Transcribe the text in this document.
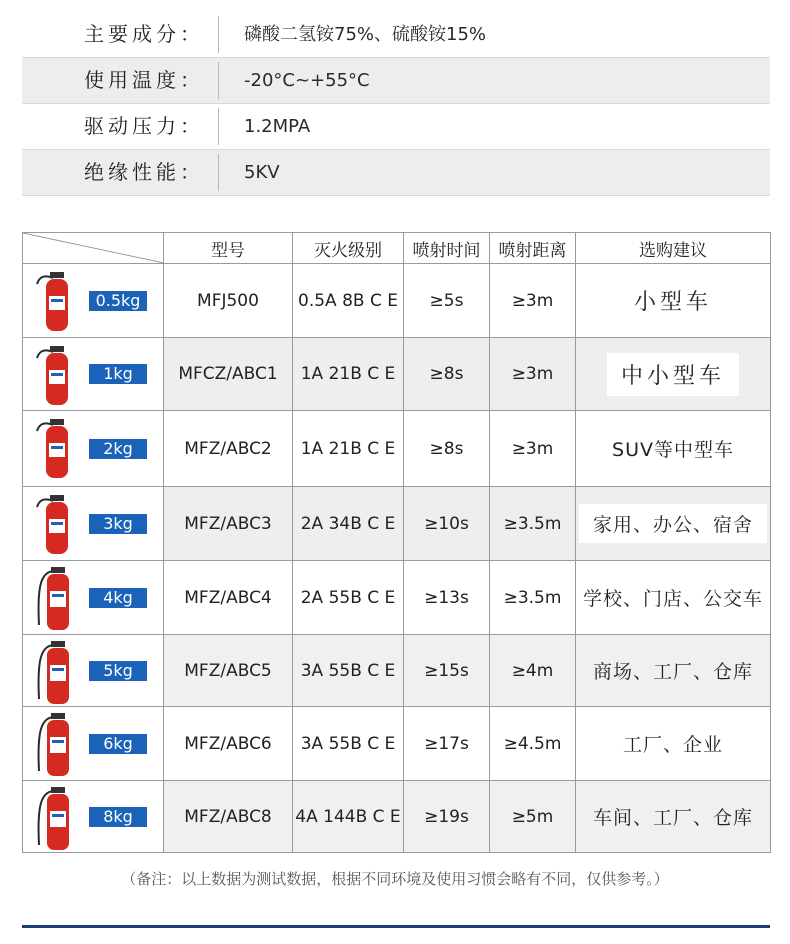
主要成分：	磷酸二氢铵75%、硫酸铵15%
使用温度：	-20°C~+55°C
驱动压力：	1.2MPA
绝缘性能：	5KV
	型号	灭火级别	喷射时间	喷射距离	选购建议

0.5kg	MFJ500	0.5A 8B C E	≥5s	≥3m	小型车

1kg	MFCZ/ABC1	1A 21B C E	≥8s	≥3m	中小型车

2kg	MFZ/ABC2	1A 21B C E	≥8s	≥3m	SUV等中型车

3kg	MFZ/ABC3	2A 34B C E	≥10s	≥3.5m	家用、办公、宿舍

4kg	MFZ/ABC4	2A 55B C E	≥13s	≥3.5m	学校、门店、公交车

5kg	MFZ/ABC5	3A 55B C E	≥15s	≥4m	商场、工厂、仓库

6kg	MFZ/ABC6	3A 55B C E	≥17s	≥4.5m	工厂、企业

8kg	MFZ/ABC8	4A 144B C E	≥19s	≥5m	车间、工厂、仓库
（备注：以上数据为测试数据，根据不同环境及使用习惯会略有不同，仅供参考。）
